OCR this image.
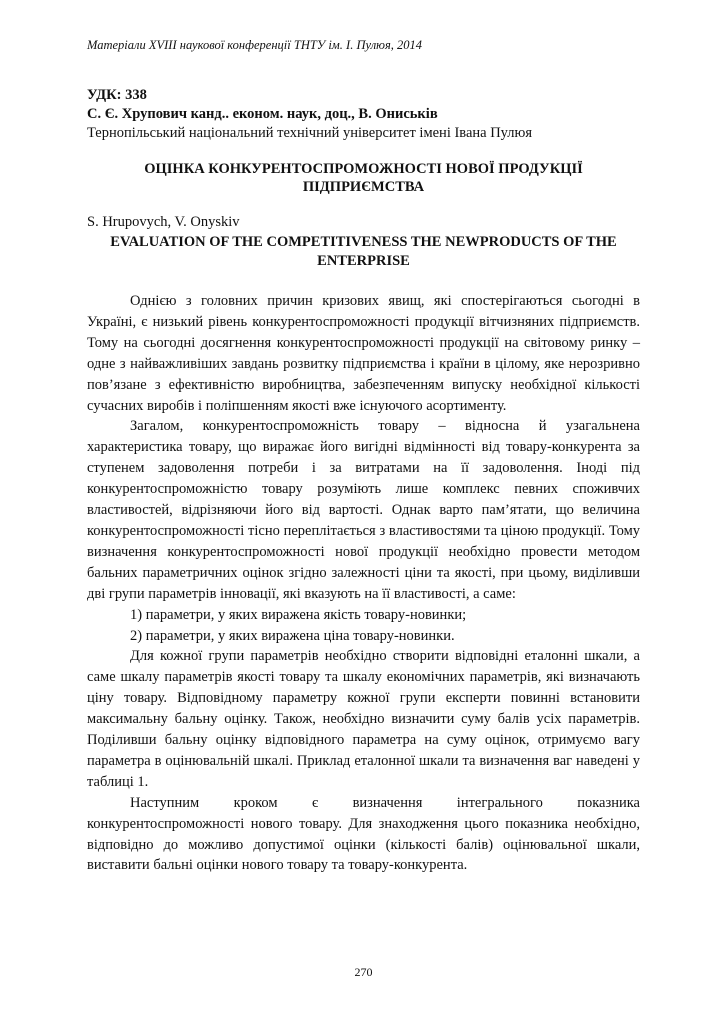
Матеріали XVIII наукової конференції ТНТУ ім. І. Пулюя, 2014
УДК: 338
С. Є. Хрупович канд.. економ. наук, доц., В. Ониськів
Тернопільський національний технічний університет імені Івана Пулюя
ОЦІНКА КОНКУРЕНТОСПРОМОЖНОСТІ НОВОЇ ПРОДУКЦІЇ
ПІДПРИЄМСТВА
S. Hrupovych, V. Onyskiv
EVALUATION OF THE COMPETITIVENESS THE NEWPRODUCTS OF THE
ENTERPRISE

Однією з головних причин кризових явищ, які спостерігаються сьогодні в Україні, є низький рівень конкурентоспроможності продукції вітчизняних підприємств. Тому на сьогодні досягнення конкурентоспроможності продукції на світовому ринку – одне з найважливіших завдань розвитку підприємства і країни в цілому, яке нерозривно пов’язане з ефективністю виробництва, забезпеченням випуску необхідної кількості сучасних виробів і поліпшенням якості вже існуючого асортименту.

Загалом, конкурентоспроможність товару – відносна й узагальнена характеристика товару, що виражає його вигідні відмінності від товару-конкурента за ступенем задоволення потреби і за витратами на її задоволення. Іноді під конкурентоспроможністю товару розуміють лише комплекс певних споживчих властивостей, відрізняючи його від вартості. Однак варто пам’ятати, що величина конкурентоспроможності тісно переплітається з властивостями та ціною продукції. Тому визначення конкурентоспроможності нової продукції необхідно провести методом бальних параметричних оцінок згідно залежності ціни та якості, при цьому, виділивши дві групи параметрів інновації, які вказують на її властивості, а саме:

1) параметри, у яких виражена якість товару-новинки;

2) параметри, у яких виражена ціна товару-новинки.

Для кожної групи параметрів необхідно створити відповідні еталонні шкали, а саме шкалу параметрів якості товару та шкалу економічних параметрів, які визначають ціну товару. Відповідному параметру кожної групи експерти повинні встановити максимальну бальну оцінку. Також, необхідно визначити суму балів усіх параметрів. Поділивши бальну оцінку відповідного параметра на суму оцінок, отримуємо вагу параметра в оцінювальній шкалі. Приклад еталонної шкали та визначення ваг наведені у таблиці 1.

Наступним кроком є визначення інтегрального показника конкурентоспроможності нового товару. Для знаходження цього показника необхідно, відповідно до можливо допустимої оцінки (кількості балів) оцінювальної шкали, виставити бальні оцінки нового товару та товару-конкурента.

270
